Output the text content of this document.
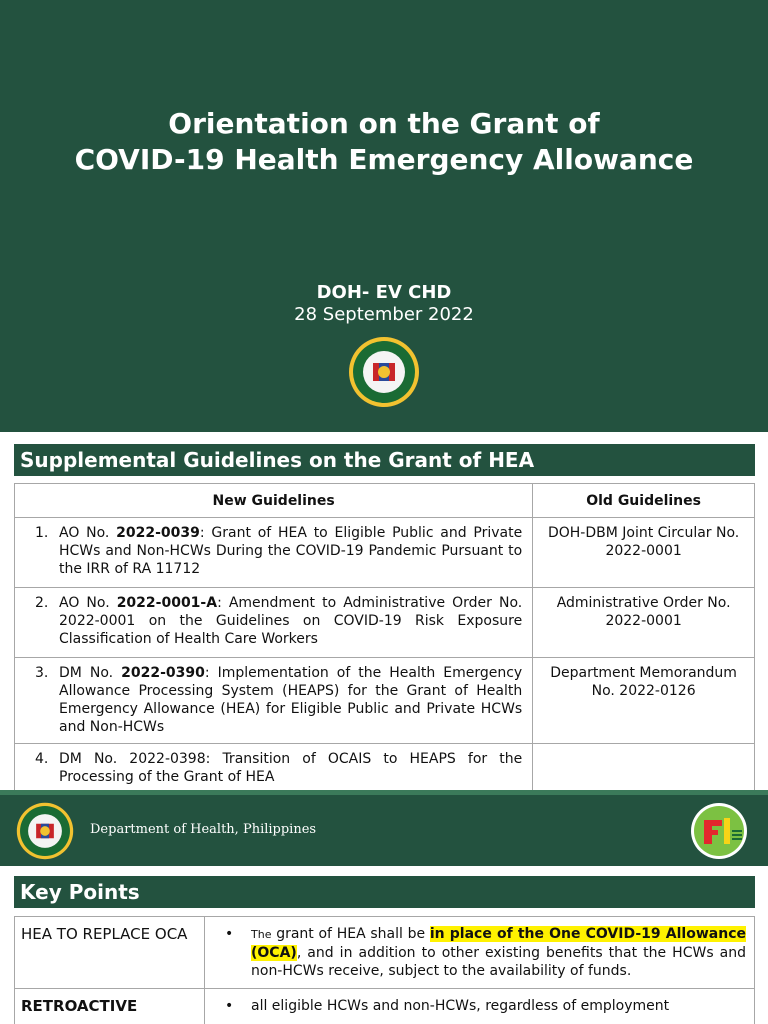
Orientation on the Grant of
COVID-19 Health Emergency Allowance
DOH- EV CHD
28 September 2022
Supplemental Guidelines on the Grant of HEA
New Guidelines	Old Guidelines

1. AO No. 2022-0039: Grant of HEA to Eligible Public and Private HCWs and Non-HCWs During the COVID-19 Pandemic Pursuant to the IRR of RA 11712	DOH-DBM Joint Circular No. 2022-0001

2. AO No. 2022-0001-A: Amendment to Administrative Order No. 2022-0001 on the Guidelines on COVID-19 Risk Exposure Classification of Health Care Workers	Administrative Order No. 2022-0001

3. DM No. 2022-0390: Implementation of the Health Emergency Allowance Processing System (HEAPS) for the Grant of Health Emergency Allowance (HEA) for Eligible Public and Private HCWs and Non-HCWs	Department Memorandum No. 2022-0126

4. DM No. 2022-0398: Transition of OCAIS to HEAPS for the Processing of the Grant of HEA	
Department of Health, Philippines
Key Points
HEA TO REPLACE OCA	• The grant of HEA shall be in place of the One COVID-19 Allowance (OCA), and in addition to other existing benefits that the HCWs and non-HCWs receive, subject to the availability of funds.
RETROACTIVE	• all eligible HCWs and non-HCWs, regardless of employment
